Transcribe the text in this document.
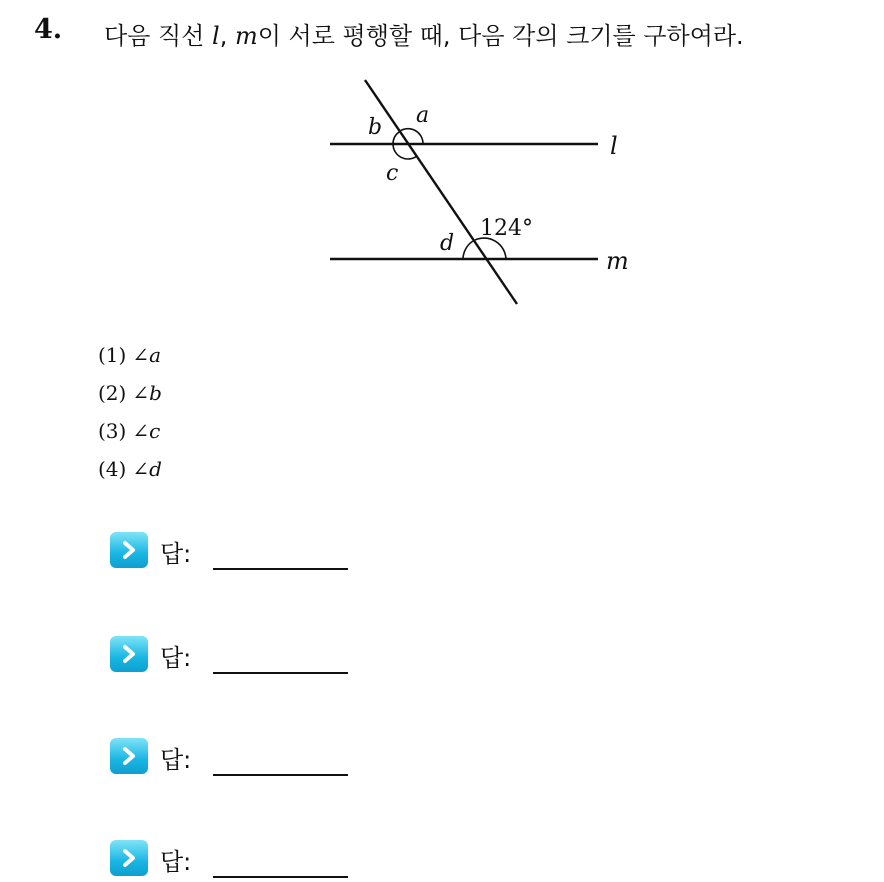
4. 다음 직선 l, m이 서로 평행할 때, 다음 각의 크기를 구하여라.
b a
c
d
124°
l
m
(1) ∠a
(2) ∠b
(3) ∠c
(4) ∠d
답:
답:
답:
답:
